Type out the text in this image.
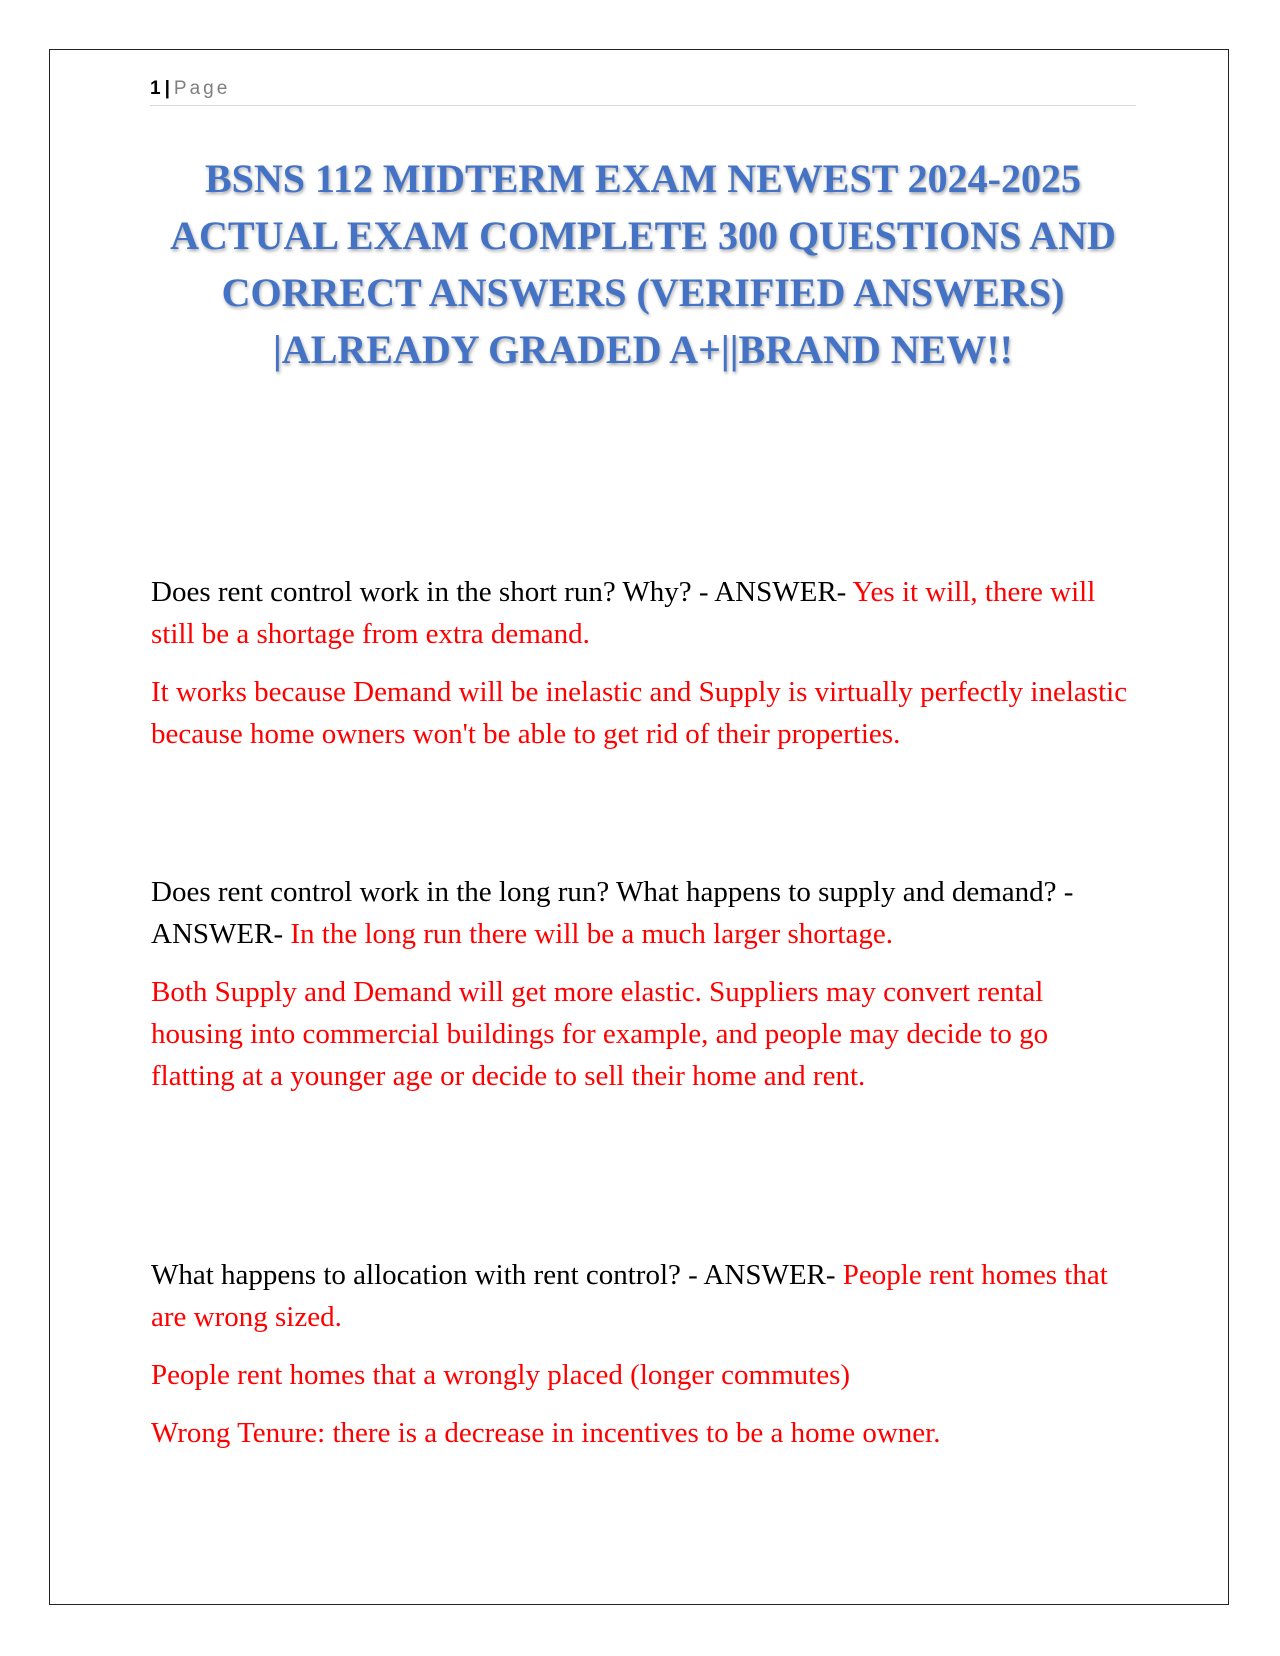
1 | Page
BSNS 112 MIDTERM EXAM NEWEST 2024-2025 ACTUAL EXAM COMPLETE 300 QUESTIONS AND CORRECT ANSWERS (VERIFIED ANSWERS) |ALREADY GRADED A+||BRAND NEW!!

Does rent control work in the short run? Why? - ANSWER- Yes it will, there will still be a shortage from extra demand.

It works because Demand will be inelastic and Supply is virtually perfectly inelastic because home owners won't be able to get rid of their properties.

Does rent control work in the long run? What happens to supply and demand? - ANSWER- In the long run there will be a much larger shortage.

Both Supply and Demand will get more elastic. Suppliers may convert rental housing into commercial buildings for example, and people may decide to go flatting at a younger age or decide to sell their home and rent.

What happens to allocation with rent control? - ANSWER- People rent homes that are wrong sized.

People rent homes that a wrongly placed (longer commutes)

Wrong Tenure: there is a decrease in incentives to be a home owner.
